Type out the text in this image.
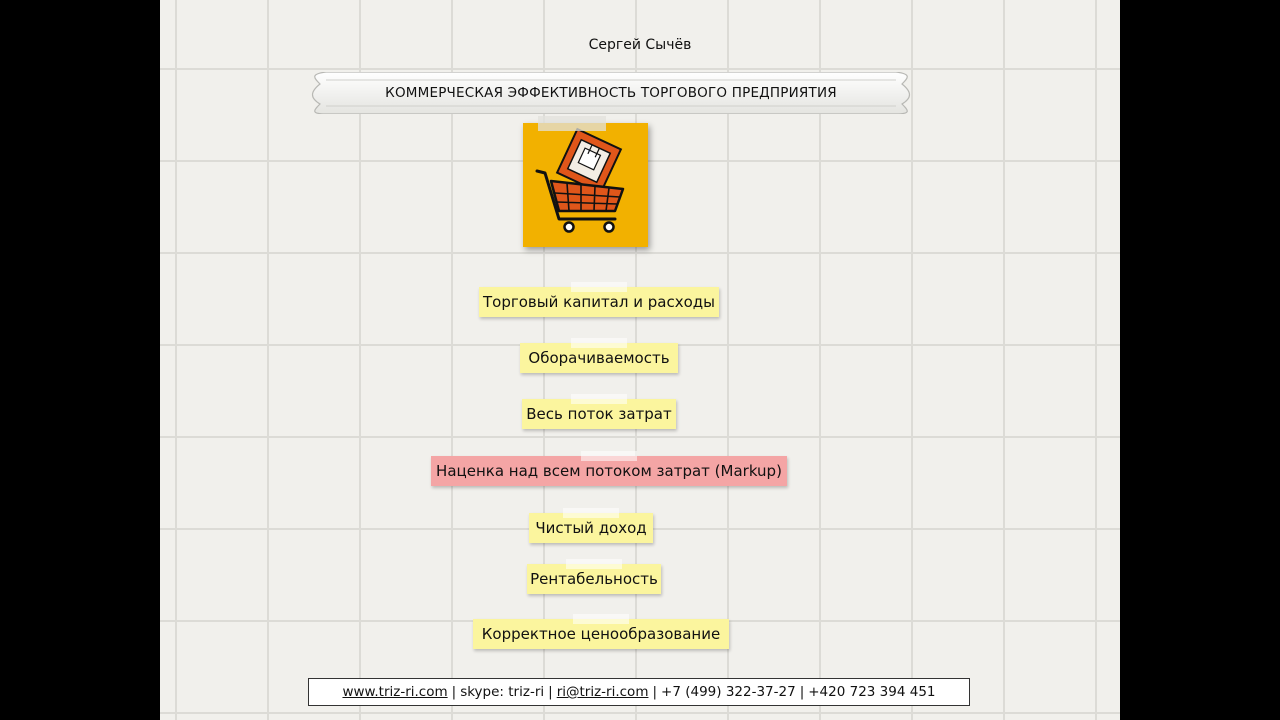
Сергей Сычёв
КОММЕРЧЕСКАЯ ЭФФЕКТИВНОСТЬ ТОРГОВОГО ПРЕДПРИЯТИЯ
Торговый капитал и расходы
Оборачиваемость
Весь поток затрат
Наценка над всем потоком затрат (Markup)
Чистый доход
Рентабельность
Корректное ценообразование
www.triz-ri.com | skype: triz-ri | ri@triz-ri.com | +7 (499) 322-37-27 | +420 723 394 451
